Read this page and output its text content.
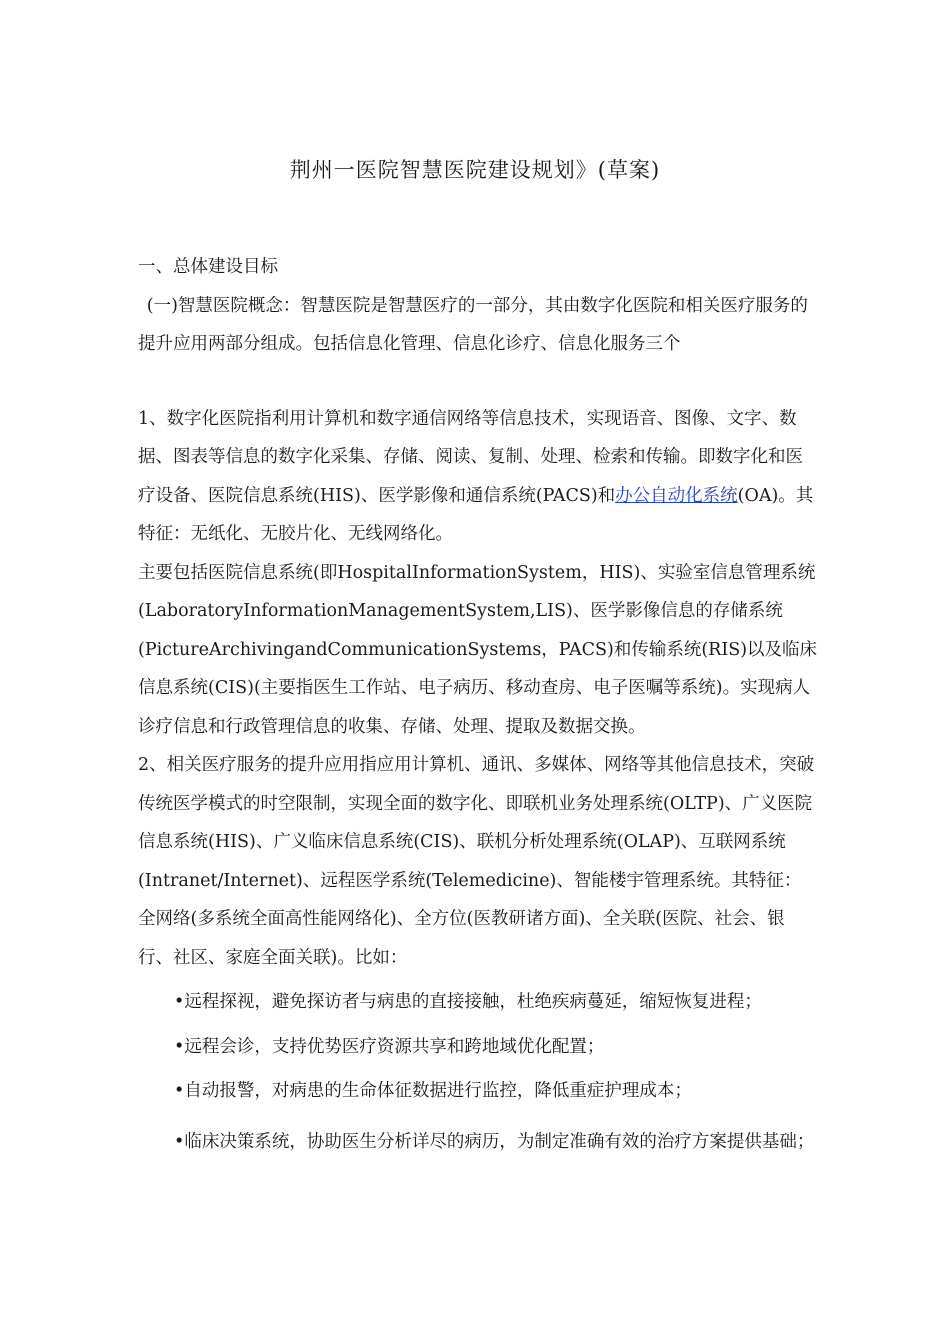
荆州一医院智慧医院建设规划》(草案)

一、总体建设目标

(一)智慧医院概念：智慧医院是智慧医疗的一部分，其由数字化医院和相关医疗服务的提升应用两部分组成。包括信息化管理、信息化诊疗、信息化服务三个

1、数字化医院指利用计算机和数字通信网络等信息技术，实现语音、图像、文字、数据、图表等信息的数字化采集、存储、阅读、复制、处理、检索和传输。即数字化和医疗设备、医院信息系统(HIS)、医学影像和通信系统(PACS)和办公自动化系统(OA)。其特征：无纸化、无胶片化、无线网络化。

主要包括医院信息系统(即HospitalInformationSystem，HIS)、实验室信息管理系统(LaboratoryInformationManagementSystem,LIS)、医学影像信息的存储系统(PictureArchivingandCommunicationSystems，PACS)和传输系统(RIS)以及临床信息系统(CIS)(主要指医生工作站、电子病历、移动查房、电子医嘱等系统)。实现病人诊疗信息和行政管理信息的收集、存储、处理、提取及数据交换。

2、相关医疗服务的提升应用指应用计算机、通讯、多媒体、网络等其他信息技术，突破传统医学模式的时空限制，实现全面的数字化、即联机业务处理系统(OLTP)、广义医院信息系统(HIS)、广义临床信息系统(CIS)、联机分析处理系统(OLAP)、互联网系统(Intranet/Internet)、远程医学系统(Telemedicine)、智能楼宇管理系统。其特征：全网络(多系统全面高性能网络化)、全方位(医教研诸方面)、全关联(医院、社会、银行、社区、家庭全面关联)。比如：

•远程探视，避免探访者与病患的直接接触，杜绝疾病蔓延，缩短恢复进程；

•远程会诊，支持优势医疗资源共享和跨地域优化配置；

•自动报警，对病患的生命体征数据进行监控，降低重症护理成本；

•临床决策系统，协助医生分析详尽的病历，为制定准确有效的治疗方案提供基础；
